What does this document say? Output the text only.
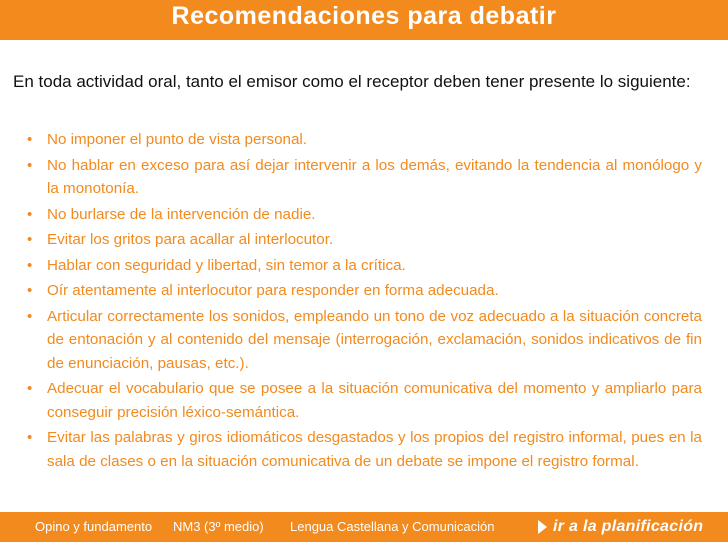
Recomendaciones para debatir
En toda actividad oral, tanto el emisor como el receptor deben tener presente lo siguiente:
• No imponer el punto de vista personal.
• No hablar en exceso para así dejar intervenir a los demás, evitando la tendencia al monólogo y la monotonía.
• No burlarse de la intervención de nadie.
• Evitar los gritos para acallar al interlocutor.
• Hablar con seguridad y libertad, sin temor a la crítica.
• Oír atentamente al interlocutor para responder en forma adecuada.
• Articular correctamente los sonidos, empleando un tono de voz adecuado a la situación concreta de entonación y al contenido del mensaje (interrogación, exclamación, sonidos indicativos de fin de enunciación, pausas, etc.).
• Adecuar el vocabulario que se posee a la situación comunicativa del momento y ampliarlo para conseguir precisión léxico-semántica.
• Evitar las palabras y giros idiomáticos desgastados y los propios del registro informal, pues en la sala de clases o en la situación comunicativa de un debate se impone el registro formal.
Opino y fundamento NM3 (3º medio) Lengua Castellana y Comunicación	ir a la planificación
